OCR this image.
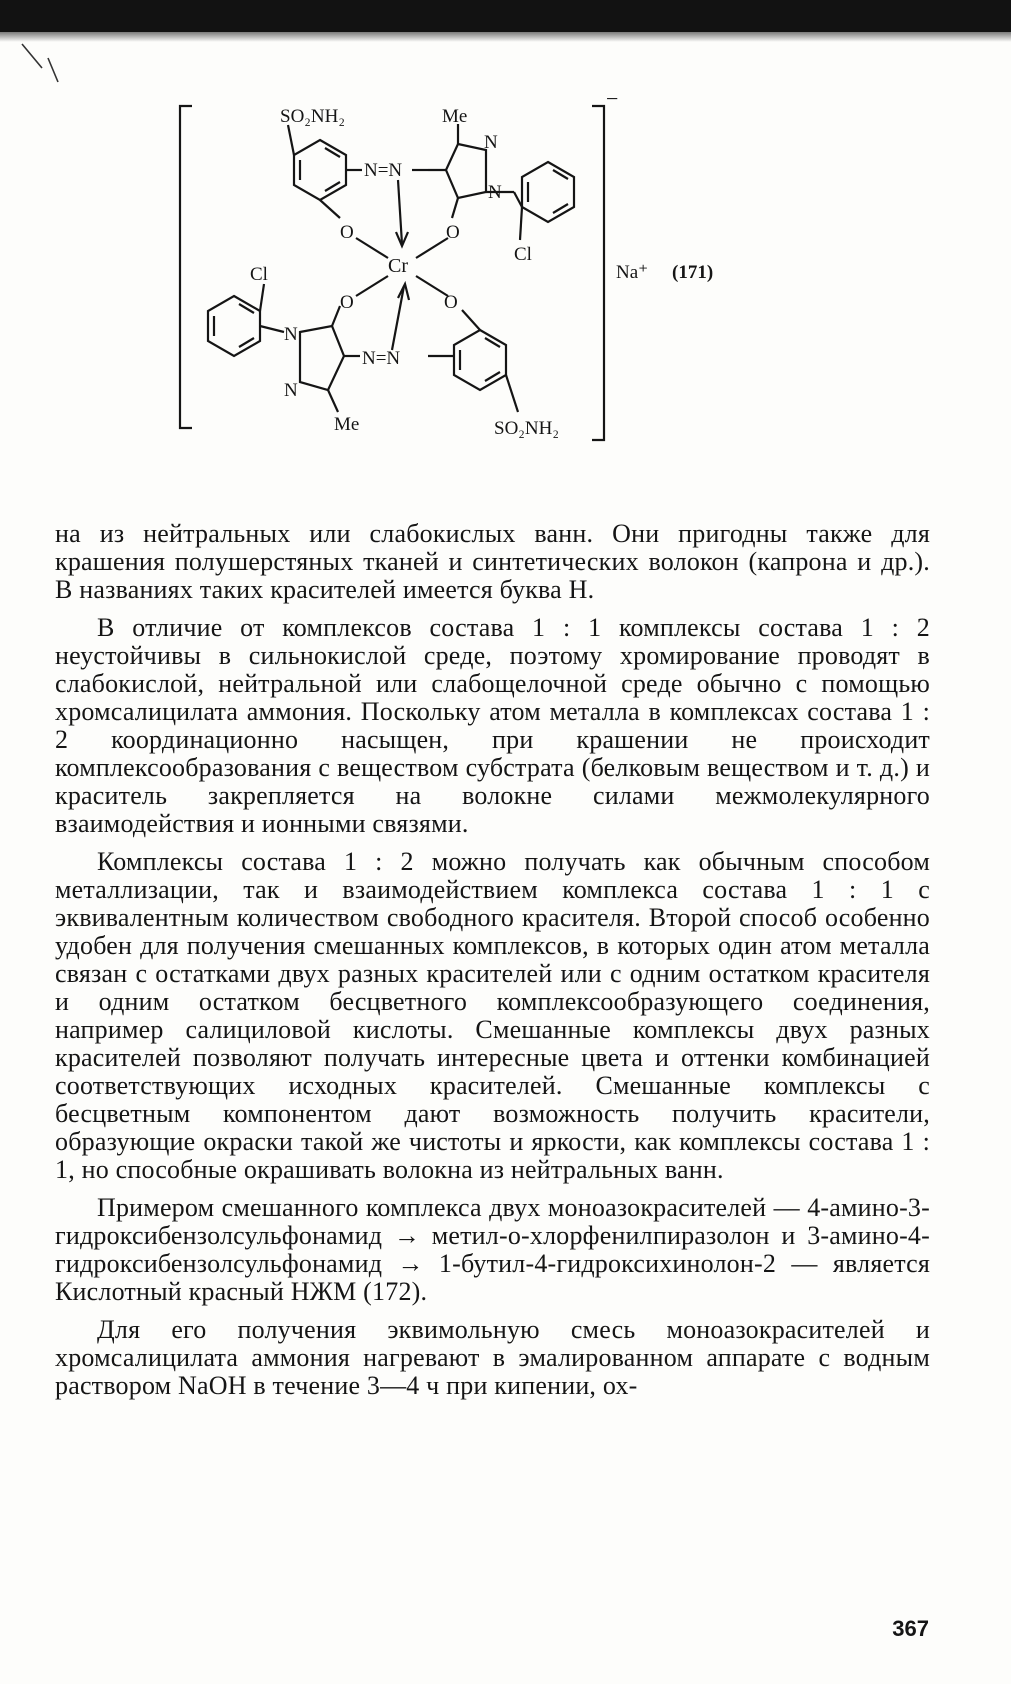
SO₂NH₂	Me
N
N=N
N
O	O
Cl
Cr
Cl
O	O
N
N=N
N
Me	SO₂NH₂
−
Na⁺ (171)

на из нейтральных или слабокислых ванн. Они пригодны также для крашения полушерстяных тканей и синтетических волокон (капрона и др.). В названиях таких красителей имеется буква Н.

В отличие от комплексов состава 1 : 1 комплексы состава 1 : 2 неустойчивы в сильнокислой среде, поэтому хромирование проводят в слабокислой, нейтральной или слабощелочной среде обычно с помощью хромсалицилата аммония. Поскольку атом металла в комплексах состава 1 : 2 координационно насыщен, при крашении не происходит комплексообразования с веществом субстрата (белковым веществом и т. д.) и краситель закрепляется на волокне силами межмолекулярного взаимодействия и ионными связями.

Комплексы состава 1 : 2 можно получать как обычным способом металлизации, так и взаимодействием комплекса состава 1 : 1 с эквивалентным количеством свободного красителя. Второй способ особенно удобен для получения смешанных комплексов, в которых один атом металла связан с остатками двух разных красителей или с одним остатком красителя и одним остатком бесцветного комплексообразующего соединения, например салициловой кислоты. Смешанные комплексы двух разных красителей позволяют получать интересные цвета и оттенки комбинацией соответствующих исходных красителей. Смешанные комплексы с бесцветным компонентом дают возможность получить красители, образующие окраски такой же чистоты и яркости, как комплексы состава 1 : 1, но способные окрашивать волокна из нейтральных ванн.

Примером смешанного комплекса двух моноазокрасителей — 4-амино-3-гидроксибензолсульфонамид → метил-о-хлорфенилпиразолон и 3-амино-4-гидроксибензолсульфонамид → 1-бутил-4-гидроксихинолон-2 — является Кислотный красный НЖМ (172).

Для его получения эквимольную смесь моноазокрасителей и хромсалицилата аммония нагревают в эмалированном аппарате с водным раствором NaOH в течение 3—4 ч при кипении, ох-

367
